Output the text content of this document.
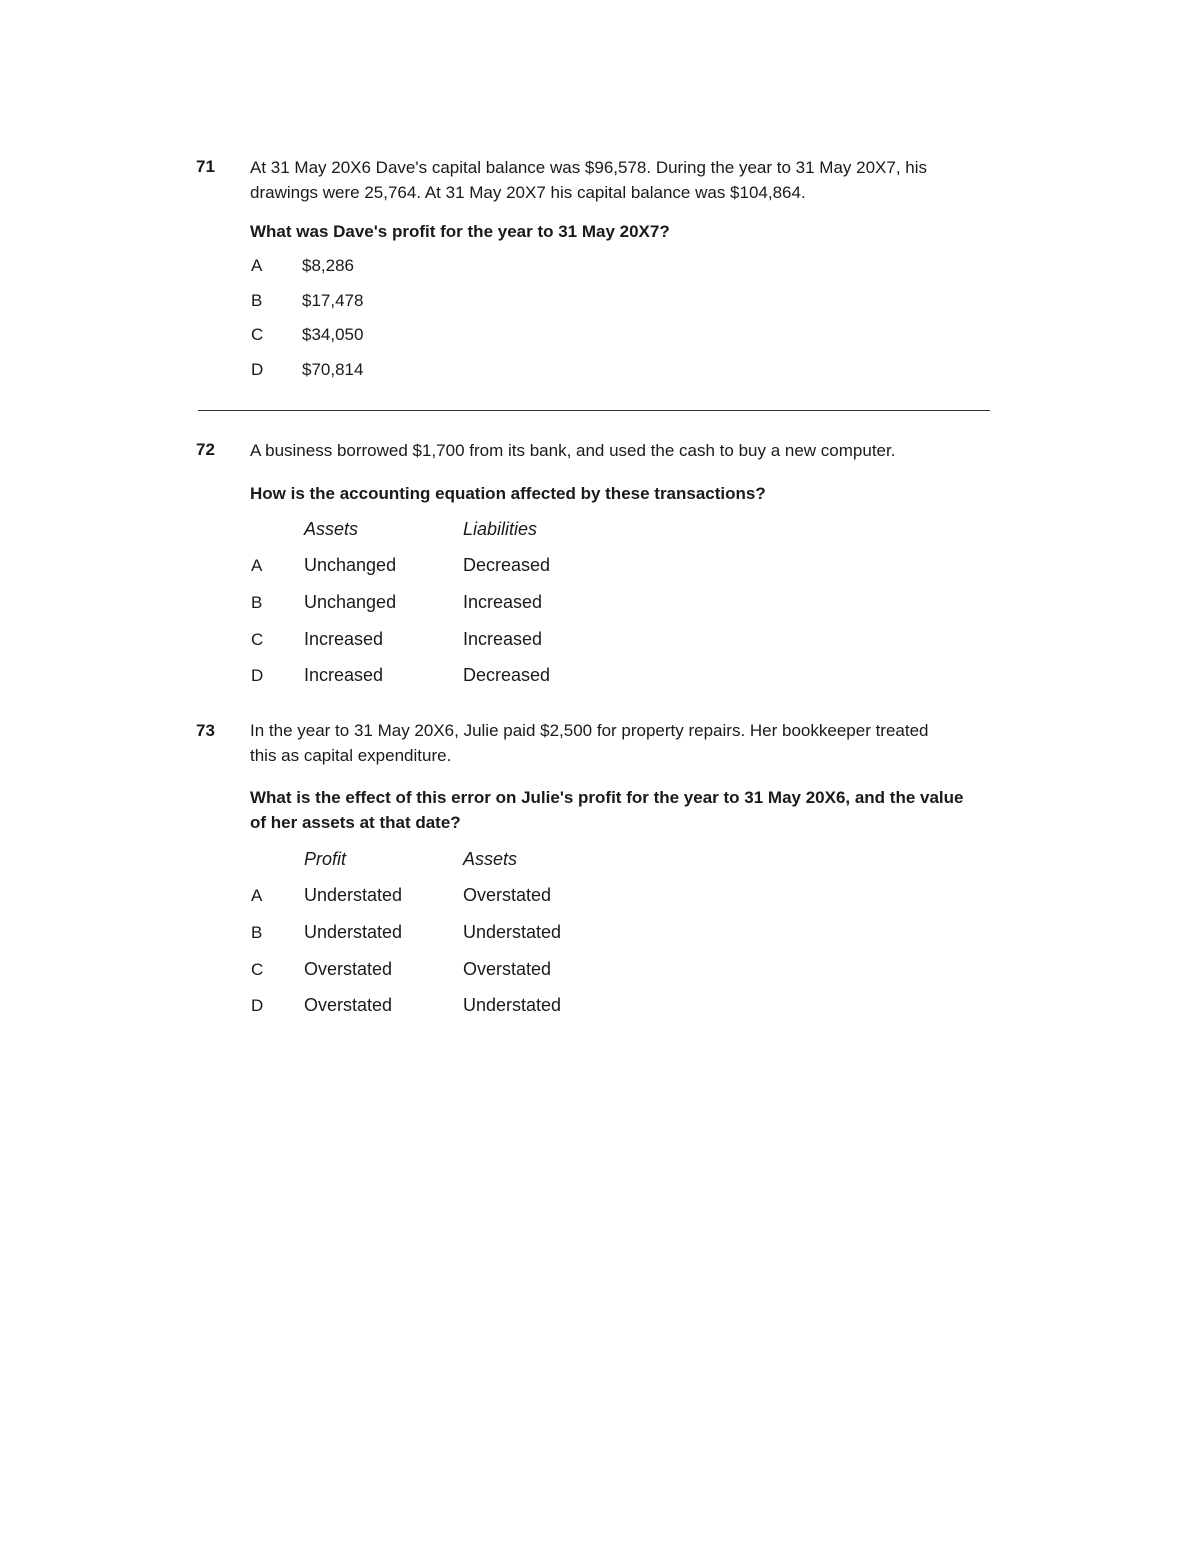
71 At 31 May 20X6 Dave's capital balance was $96,578. During the year to 31 May 20X7, his
drawings were 25,764. At 31 May 20X7 his capital balance was $104,864.
What was Dave's profit for the year to 31 May 20X7?
A $8,286
B $17,478
C $34,050
D $70,814
72 A business borrowed $1,700 from its bank, and used the cash to buy a new computer.
How is the accounting equation affected by these transactions?
Assets	Liabilities
A Unchanged	Decreased
B Unchanged	Increased
C Increased	Increased
D Increased	Decreased
73 In the year to 31 May 20X6, Julie paid $2,500 for property repairs. Her bookkeeper treated
this as capital expenditure.
What is the effect of this error on Julie's profit for the year to 31 May 20X6, and the value
of her assets at that date?
Profit	Assets
A Understated	Overstated
B Understated	Understated
C Overstated	Overstated
D Overstated	Understated
